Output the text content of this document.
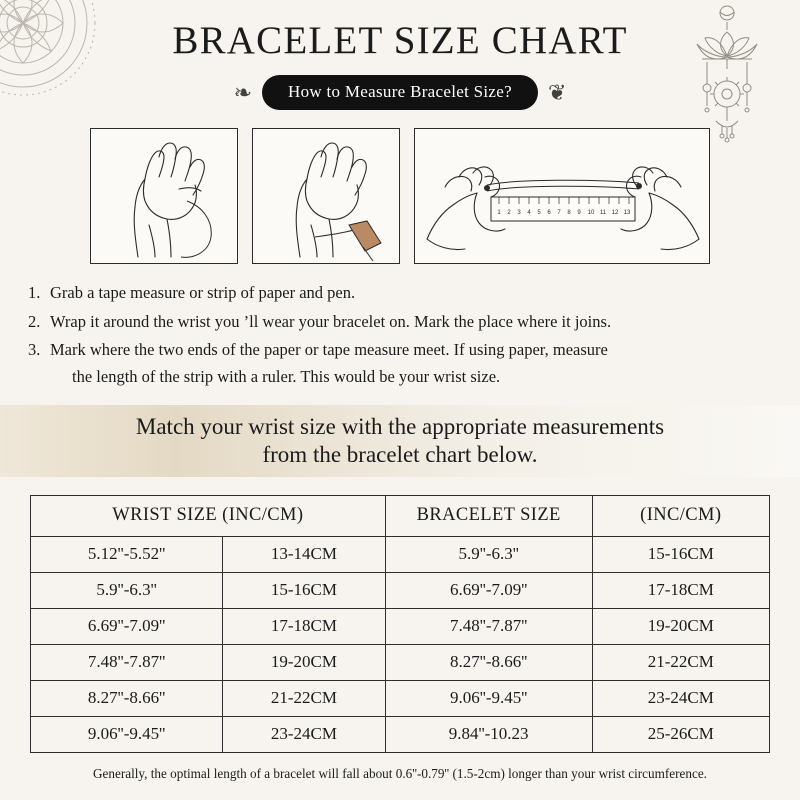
BRACELET SIZE CHART
❧	How to Measure Bracelet Size?	❦
1 2 3 4 5 6 7 8 9 10 11 12 13
1. Grab a tape measure or strip of paper and pen.
2. Wrap it around the wrist you ’ll wear your bracelet on. Mark the place where it joins.
3. Mark where the two ends of the paper or tape measure meet. If using paper, measure
the length of the strip with a ruler. This would be your wrist size.
Match your wrist size with the appropriate measurements
from the bracelet chart below.
WRIST SIZE (INC/CM)		BRACELET SIZE	(INC/CM)
5.12''-5.52''	13-14CM	5.9''-6.3''	15-16CM
5.9''-6.3''	15-16CM	6.69''-7.09''	17-18CM
6.69''-7.09''	17-18CM	7.48''-7.87''	19-20CM
7.48''-7.87''	19-20CM	8.27''-8.66''	21-22CM
8.27''-8.66''	21-22CM	9.06''-9.45''	23-24CM
9.06''-9.45''	23-24CM	9.84''-10.23	25-26CM
Generally, the optimal length of a bracelet will fall about 0.6''-0.79'' (1.5-2cm) longer than your wrist circumference.
